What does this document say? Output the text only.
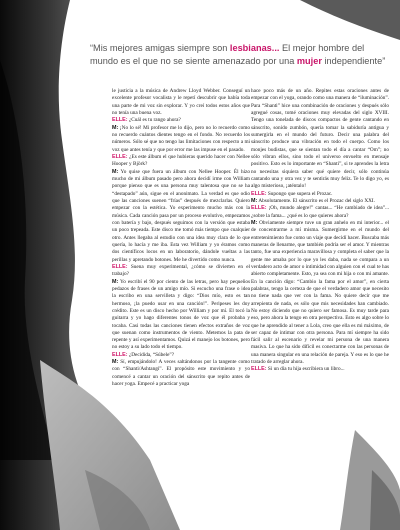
“Mis mejores amigas siempre son lesbianas... El mejor hombre del mundo es el que no se siente amenazado por una mujer independiente”

le justicia a la música de Andrew Lloyd Webber. Conseguí un excelente profesor vocalista y le repetí descubrir que había toda una parte de mi voz sin explorar. Y yo creí todos estos años que no tenía una buena voz.

ELLE: ¿Cuál es tu rango ahora?

M: ¡No lo sé! Mi profesor me lo dijo, pero no lo recuerdo como no recuerdo cuántos dientes tengo en el fondo. No recuerdo los números. Sólo sé que no tengo las limitaciones con respecto a mi voz que antes tenía y que por error me las impuse en el pasado.

ELLE: ¿Es este álbum el que hubieras querido hacer con Nellee Hooper y Björk?

M: Yo quise que fuera un álbum con Nellee Hooper. Él hizo mucho de mi álbum pasado pero ahora decidí irme con William porque pienso que es una persona muy talentosa que no se ha “destapado” aún, sigue en el anonimato. La verdad es que odio que las canciones suenen “frías” después de mezclarlas. Quiero empezar con la estética. Yo experimento mucho más con la música. Cada canción pasa por un proceso evolutivo, empezamos con batería y bajo, después seguimos con la versión que estaba un poco trepeada. Este disco me tomó más tiempo que cualquier otro. Antes llegaba al estudio con una idea muy clara de lo que quería, lo hacía y me iba. Esta vez William y yo éramos como dos científicos locos en un laboratorio, dándole vueltas a las perillas y apretando botones. Me he divertido como nunca.

ELLE: Suena muy experimental, ¿cómo se divierten en el trabajo?

M: Yo escribí el 90 por ciento de las letras, pero hay pequeños pedazos de frases de un amigo mío. Si escucho una frase o idea la escribo en una servilleta y digo: “Dios mío, esto es tan hermoso, ¡la puedo usar en una canción!”. Peripeses les doy crédito. Este es un disco hecho por William y por mí. El tocó la guitarra y yo hago diferentes tonos de voz que él probaba y tocaba. Casi todas las canciones tienen efectos extraños de voz que suenan como instrumentos de viento. Metemos la pata de repente y así experimentamos. Quizá el manejo los botones, pero no estoy a su lado todo el tiempo.

ELLE: ¿Decidida, “Súbele”?

M: Sí, empujándolo! A veces saltándonos por la tangente como con “Shanti/Ashtangi”. El propósito este movimiento y yo comencé a cantar un oración del sánscrito que repito antes de hacer yoga. Empecé a practicar yoga

hace poco más de un año. Repites estas oraciones antes de empezar con el yoga, orando como una manera de “iluminación”. Para “Shanti” hice una combinación de oraciones y después sólo agregué cosas, tomé oraciones muy elevadas del siglo XVIII. Tengo una tonelada de discos compactos de gente cantando en sánscrito, sonido zumbón, quería tomar la sabiduría antigua y sumergirla en el mundo del futuro. Decir una palabra del sánscrito produce una vibración en todo el cuerpo. Como los monjes budistas, que se sientan todo el día a cantar “Om”; no sólo vibran ellos, sino todo el universo envuelto en mensaje positivo. Esto es lo importante en “Shanti”, si te aprendes la letra no necesitas siquiera saber qué quiere decir, sólo continúa cantando una y otra vez y te sentirás muy feliz. Te lo digo yo, es algo misterioso, ¡aténtalo!

ELLE: Supongo que supera el Prozac.

M: Absolutamente. El sánscrito es el Prozac del siglo XXI.

ELLE: ¡Oh, mundo alegre!” cantas... “He cambiado de idea”... ¿sobre la fama... ¿qué es lo que quieres ahora?

M: Obviamente siempre tuve un gran anhelo en mi interior... el de concentrarme a mí misma. Sumergirme en el mundo del entretenimiento fue como un viaje que decidí hacer. Buscaba más maneras de llenarme, que también podría ser el amor. Y mientras tanto, fue una experiencia maravillosa y completa el saber que la gente me amaba por lo que yo les daba, nada se compara a un verdadero acto de amor o intimidad con alguien con el cual te has abierto completamente. Esto, ya sea con mi hija o con mi amante. En la canción digo: “Cambio la fama por el amor”, en cierta palabras, tengo la certeza de que el verdadero amor que necesito no tiene nada que ver con la fama. No quiere decir que me arrepienta de nada, es sólo que mis necesidades han cambiado. No estoy diciendo que no quiero ser famosa. Es muy tarde para eso, pero ahora la tengo en otra perspectiva. Esto es algo sobre lo que he aprendido al tener a Lola, creo que ella es mi máximo, de ser capaz de intimar con otra persona. Para mí siempre ha sido fácil salir al escenario y revelar mi persona de una manera masiva. Lo que ha sido difícil es conectarme con las personas de una manera singular en una relación de pareja. Y eso es lo que he tratado de arreglar ahora.

ELLE: Si un día tu hija escribiera un libro...
